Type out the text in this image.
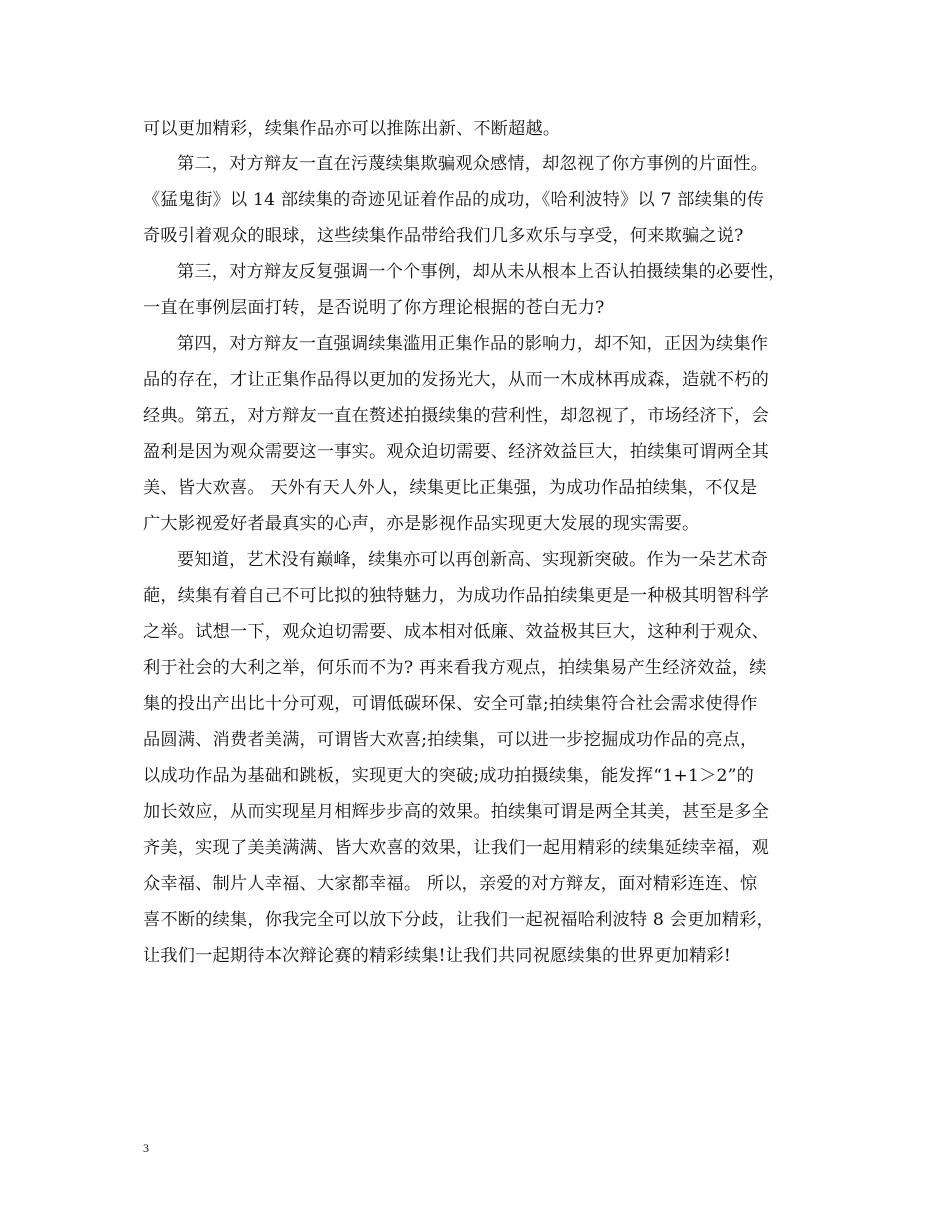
可以更加精彩，续集作品亦可以推陈出新、不断超越。
第二，对方辩友一直在污蔑续集欺骗观众感情，却忽视了你方事例的片面性。
《猛鬼街》以 14 部续集的奇迹见证着作品的成功，《哈利波特》以 7 部续集的传
奇吸引着观众的眼球，这些续集作品带给我们几多欢乐与享受，何来欺骗之说?
第三，对方辩友反复强调一个个事例，却从未从根本上否认拍摄续集的必要性，
一直在事例层面打转，是否说明了你方理论根据的苍白无力?
第四，对方辩友一直强调续集滥用正集作品的影响力，却不知，正因为续集作
品的存在，才让正集作品得以更加的发扬光大，从而一木成林再成森，造就不朽的
经典。第五，对方辩友一直在赘述拍摄续集的营利性，却忽视了，市场经济下，会
盈利是因为观众需要这一事实。观众迫切需要、经济效益巨大，拍续集可谓两全其
美、皆大欢喜。 天外有天人外人，续集更比正集强，为成功作品拍续集，不仅是
广大影视爱好者最真实的心声，亦是影视作品实现更大发展的现实需要。
要知道，艺术没有巅峰，续集亦可以再创新高、实现新突破。作为一朵艺术奇
葩，续集有着自己不可比拟的独特魅力，为成功作品拍续集更是一种极其明智科学
之举。试想一下，观众迫切需要、成本相对低廉、效益极其巨大，这种利于观众、
利于社会的大利之举，何乐而不为? 再来看我方观点，拍续集易产生经济效益，续
集的投出产出比十分可观，可谓低碳环保、安全可靠;拍续集符合社会需求使得作
品圆满、消费者美满，可谓皆大欢喜;拍续集，可以进一步挖掘成功作品的亮点，
以成功作品为基础和跳板，实现更大的突破;成功拍摄续集，能发挥“1+1＞2”的
加长效应，从而实现星月相辉步步高的效果。拍续集可谓是两全其美，甚至是多全
齐美，实现了美美满满、皆大欢喜的效果，让我们一起用精彩的续集延续幸福，观
众幸福、制片人幸福、大家都幸福。 所以，亲爱的对方辩友，面对精彩连连、惊
喜不断的续集，你我完全可以放下分歧，让我们一起祝福哈利波特 8 会更加精彩，
让我们一起期待本次辩论赛的精彩续集!让我们共同祝愿续集的世界更加精彩!
3
